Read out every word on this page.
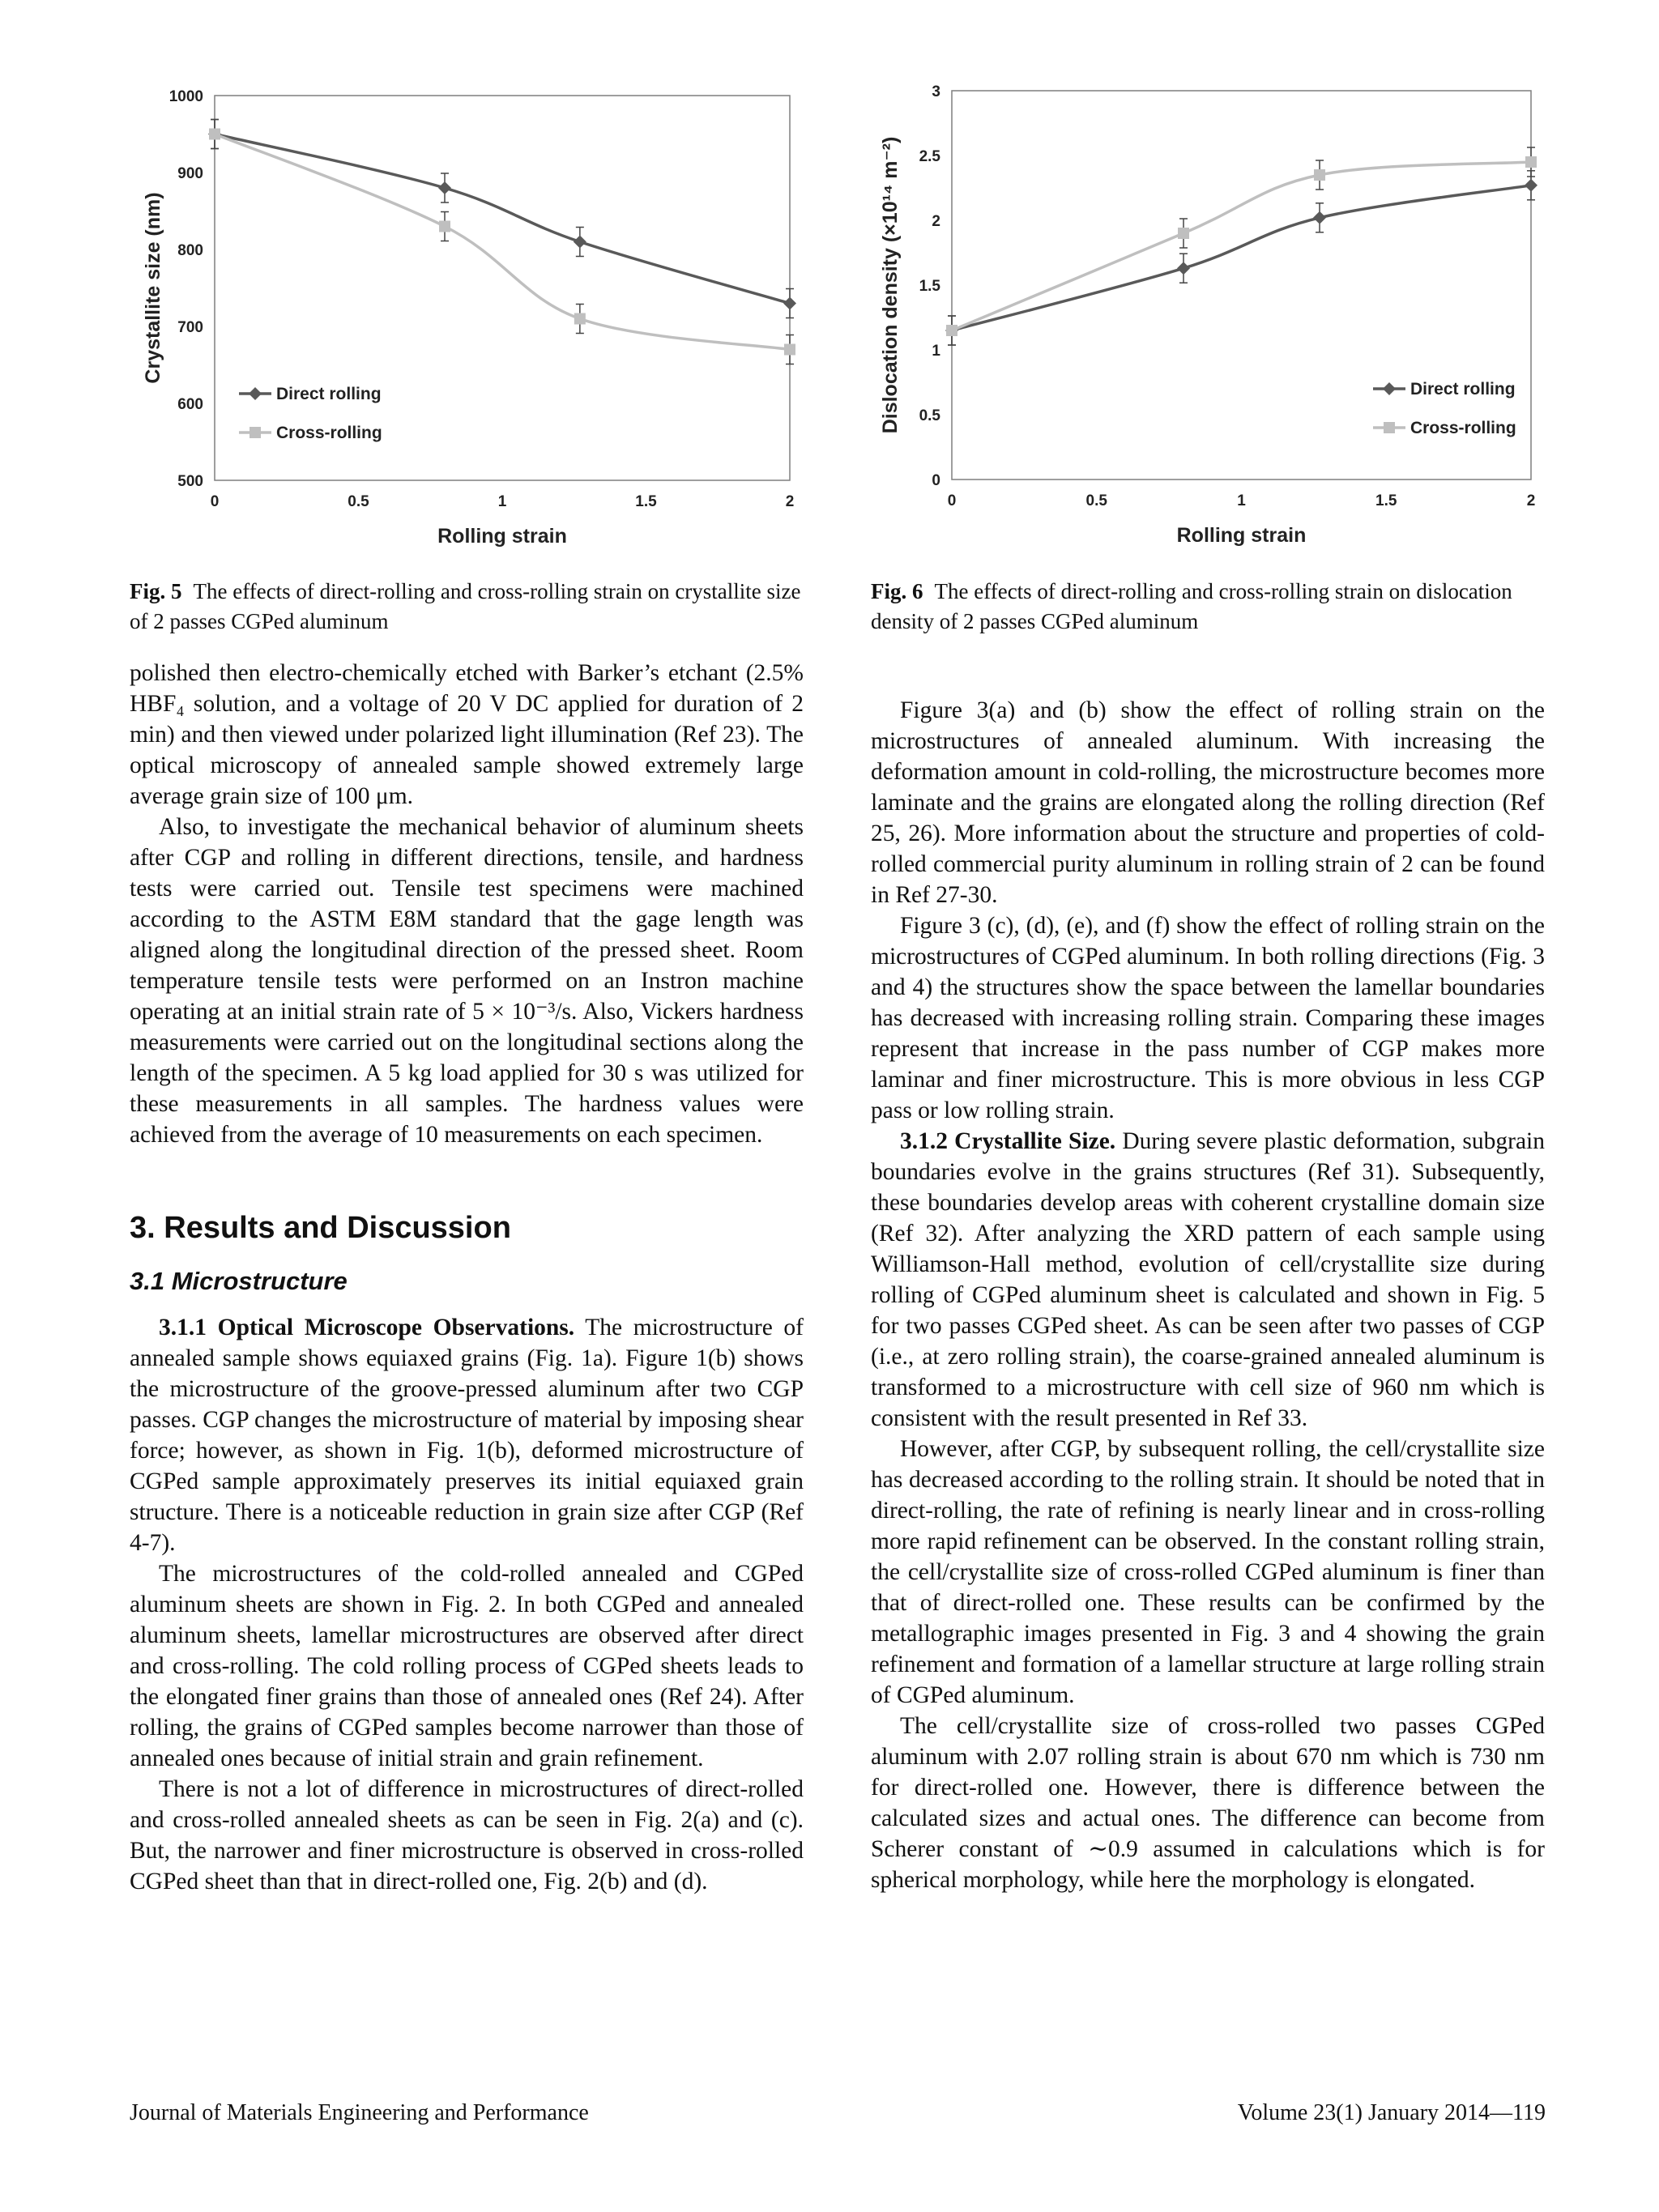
500
600
700
800
900
1000
0	0.5	1	1.5	2
Rolling strain
Crystallite size (nm)
Direct rolling
Cross-rolling
0
0.5
1
1.5
2
2.5
3
0	0.5	1	1.5	2
Rolling strain
Dislocation density (×10¹⁴ m⁻²)	Direct rolling
Cross-rolling

Fig. 5 The effects of direct-rolling and cross-rolling strain on crystallite size of 2 passes CGPed aluminum

Fig. 6 The effects of direct-rolling and cross-rolling strain on dislocation density of 2 passes CGPed aluminum

polished then electro-chemically etched with Barker’s etchant (2.5% HBF₄ solution, and a voltage of 20 V DC applied for duration of 2 min) and then viewed under polarized light illumination (Ref 23). The optical microscopy of annealed sample showed extremely large average grain size of 100 μm.

Also, to investigate the mechanical behavior of aluminum sheets after CGP and rolling in different directions, tensile, and hardness tests were carried out. Tensile test specimens were machined according to the ASTM E8M standard that the gage length was aligned along the longitudinal direction of the pressed sheet. Room temperature tensile tests were performed on an Instron machine operating at an initial strain rate of 5 × 10⁻³/s. Also, Vickers hardness measurements were carried out on the longitudinal sections along the length of the specimen. A 5 kg load applied for 30 s was utilized for these measurements in all samples. The hardness values were achieved from the average of 10 measurements on each specimen.

3. Results and Discussion
3.1 Microstructure

3.1.1 Optical Microscope Observations. The microstructure of annealed sample shows equiaxed grains (Fig. 1a). Figure 1(b) shows the microstructure of the groove-pressed aluminum after two CGP passes. CGP changes the microstructure of material by imposing shear force; however, as shown in Fig. 1(b), deformed microstructure of CGPed sample approximately preserves its initial equiaxed grain structure. There is a noticeable reduction in grain size after CGP (Ref 4-7).

The microstructures of the cold-rolled annealed and CGPed aluminum sheets are shown in Fig. 2. In both CGPed and annealed aluminum sheets, lamellar microstructures are observed after direct and cross-rolling. The cold rolling process of CGPed sheets leads to the elongated finer grains than those of annealed ones (Ref 24). After rolling, the grains of CGPed samples become narrower than those of annealed ones because of initial strain and grain refinement.

There is not a lot of difference in microstructures of direct-rolled and cross-rolled annealed sheets as can be seen in Fig. 2(a) and (c). But, the narrower and finer microstructure is observed in cross-rolled CGPed sheet than that in direct-rolled one, Fig. 2(b) and (d).

Figure 3(a) and (b) show the effect of rolling strain on the microstructures of annealed aluminum. With increasing the deformation amount in cold-rolling, the microstructure becomes more laminate and the grains are elongated along the rolling direction (Ref 25, 26). More information about the structure and properties of cold-rolled commercial purity aluminum in rolling strain of 2 can be found in Ref 27-30.

Figure 3 (c), (d), (e), and (f) show the effect of rolling strain on the microstructures of CGPed aluminum. In both rolling directions (Fig. 3 and 4) the structures show the space between the lamellar boundaries has decreased with increasing rolling strain. Comparing these images represent that increase in the pass number of CGP makes more laminar and finer microstructure. This is more obvious in less CGP pass or low rolling strain.

3.1.2 Crystallite Size. During severe plastic deformation, subgrain boundaries evolve in the grains structures (Ref 31). Subsequently, these boundaries develop areas with coherent crystalline domain size (Ref 32). After analyzing the XRD pattern of each sample using Williamson-Hall method, evolution of cell/crystallite size during rolling of CGPed aluminum sheet is calculated and shown in Fig. 5 for two passes CGPed sheet. As can be seen after two passes of CGP (i.e., at zero rolling strain), the coarse-grained annealed aluminum is transformed to a microstructure with cell size of 960 nm which is consistent with the result presented in Ref 33.

However, after CGP, by subsequent rolling, the cell/crystallite size has decreased according to the rolling strain. It should be noted that in direct-rolling, the rate of refining is nearly linear and in cross-rolling more rapid refinement can be observed. In the constant rolling strain, the cell/crystallite size of cross-rolled CGPed aluminum is finer than that of direct-rolled one. These results can be confirmed by the metallographic images presented in Fig. 3 and 4 showing the grain refinement and formation of a lamellar structure at large rolling strain of CGPed aluminum.

The cell/crystallite size of cross-rolled two passes CGPed aluminum with 2.07 rolling strain is about 670 nm which is 730 nm for direct-rolled one. However, there is difference between the calculated sizes and actual ones. The difference can become from Scherer constant of ∼0.9 assumed in calculations which is for spherical morphology, while here the morphology is elongated.

Journal of Materials Engineering and Performance	Volume 23(1) January 2014—119
